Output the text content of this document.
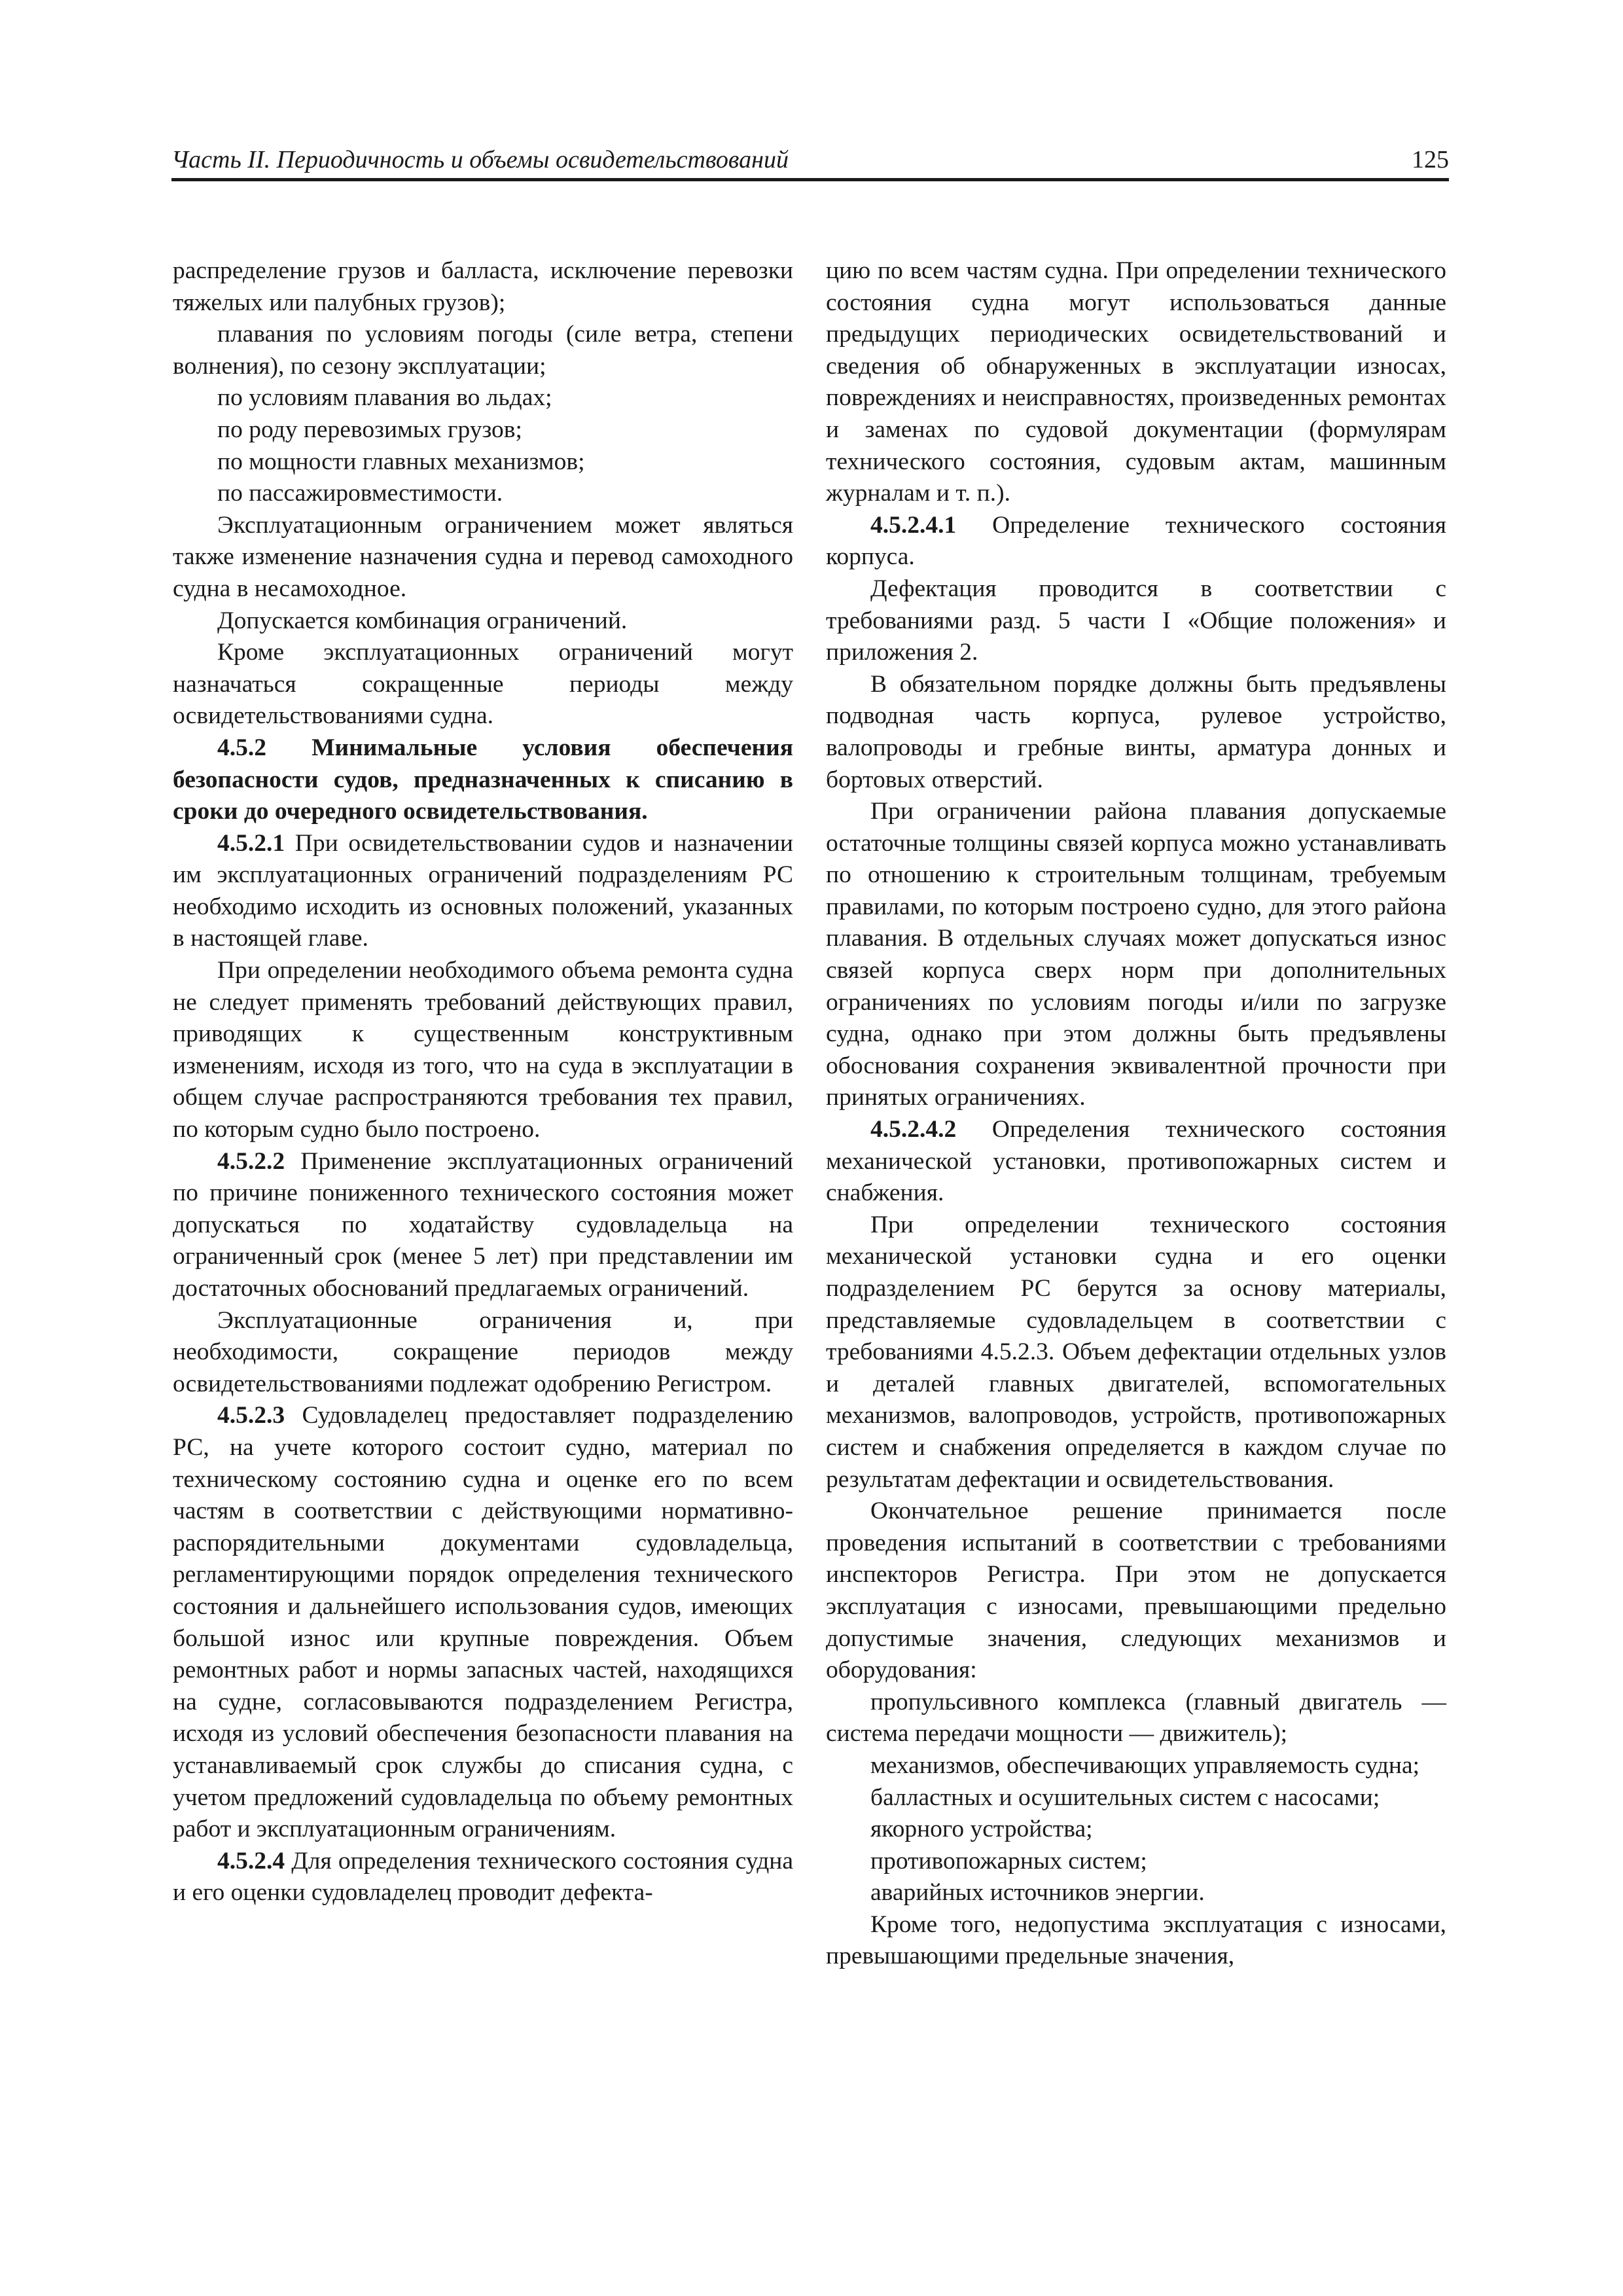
Часть II. Периодичность и объемы освидетельствований	125

распределение грузов и балласта, исключение перевозки тяжелых или палубных грузов);

плавания по условиям погоды (силе ветра, степени волнения), по сезону эксплуатации;

по условиям плавания во льдах;

по роду перевозимых грузов;

по мощности главных механизмов;

по пассажировместимости.

Эксплуатационным ограничением может являться также изменение назначения судна и перевод самоходного судна в несамоходное.

Допускается комбинация ограничений.

Кроме эксплуатационных ограничений могут назначаться сокращенные периоды между освидетельствованиями судна.

4.5.2 Минимальные условия обеспечения безопасности судов, предназначенных к списанию в сроки до очередного освидетельствования.

4.5.2.1 При освидетельствовании судов и назначении им эксплуатационных ограничений подразделениям РС необходимо исходить из основных положений, указанных в настоящей главе.

При определении необходимого объема ремонта судна не следует применять требований действующих правил, приводящих к существенным конструктивным изменениям, исходя из того, что на суда в эксплуатации в общем случае распространяются требования тех правил, по которым судно было построено.

4.5.2.2 Применение эксплуатационных ограничений по причине пониженного технического состояния может допускаться по ходатайству судовладельца на ограниченный срок (менее 5 лет) при представлении им достаточных обоснований предлагаемых ограничений.

Эксплуатационные ограничения и, при необходимости, сокращение периодов между освидетельствованиями подлежат одобрению Регистром.

4.5.2.3 Судовладелец предоставляет подразделению РС, на учете которого состоит судно, материал по техническому состоянию судна и оценке его по всем частям в соответствии с действующими нормативно-распорядительными документами судовладельца, регламентирующими порядок определения технического состояния и дальнейшего использования судов, имеющих большой износ или крупные повреждения. Объем ремонтных работ и нормы запасных частей, находящихся на судне, согласовываются подразделением Регистра, исходя из условий обеспечения безопасности плавания на устанавливаемый срок службы до списания судна, с учетом предложений судовладельца по объему ремонтных работ и эксплуатационным ограничениям.

4.5.2.4 Для определения технического состояния судна и его оценки судовладелец проводит дефекта-

цию по всем частям судна. При определении технического состояния судна могут использоваться данные предыдущих периодических освидетельствований и сведения об обнаруженных в эксплуатации износах, повреждениях и неисправностях, произведенных ремонтах и заменах по судовой документации (формулярам технического состояния, судовым актам, машинным журналам и т. п.).

4.5.2.4.1 Определение технического состояния корпуса.

Дефектация проводится в соответствии с требованиями разд. 5 части I «Общие положения» и приложения 2.

В обязательном порядке должны быть предъявлены подводная часть корпуса, рулевое устройство, валопроводы и гребные винты, арматура донных и бортовых отверстий.

При ограничении района плавания допускаемые остаточные толщины связей корпуса можно устанавливать по отношению к строительным толщинам, требуемым правилами, по которым построено судно, для этого района плавания. В отдельных случаях может допускаться износ связей корпуса сверх норм при дополнительных ограничениях по условиям погоды и/или по загрузке судна, однако при этом должны быть предъявлены обоснования сохранения эквивалентной прочности при принятых ограничениях.

4.5.2.4.2 Определения технического состояния механической установки, противопожарных систем и снабжения.

При определении технического состояния механической установки судна и его оценки подразделением РС берутся за основу материалы, представляемые судовладельцем в соответствии с требованиями 4.5.2.3. Объем дефектации отдельных узлов и деталей главных двигателей, вспомогательных механизмов, валопроводов, устройств, противопожарных систем и снабжения определяется в каждом случае по результатам дефектации и освидетельствования.

Окончательное решение принимается после проведения испытаний в соответствии с требованиями инспекторов Регистра. При этом не допускается эксплуатация с износами, превышающими предельно допустимые значения, следующих механизмов и оборудования:

пропульсивного комплекса (главный двигатель — система передачи мощности — движитель);

механизмов, обеспечивающих управляемость судна;

балластных и осушительных систем с насосами;

якорного устройства;

противопожарных систем;

аварийных источников энергии.

Кроме того, недопустима эксплуатация с износами, превышающими предельные значения,
